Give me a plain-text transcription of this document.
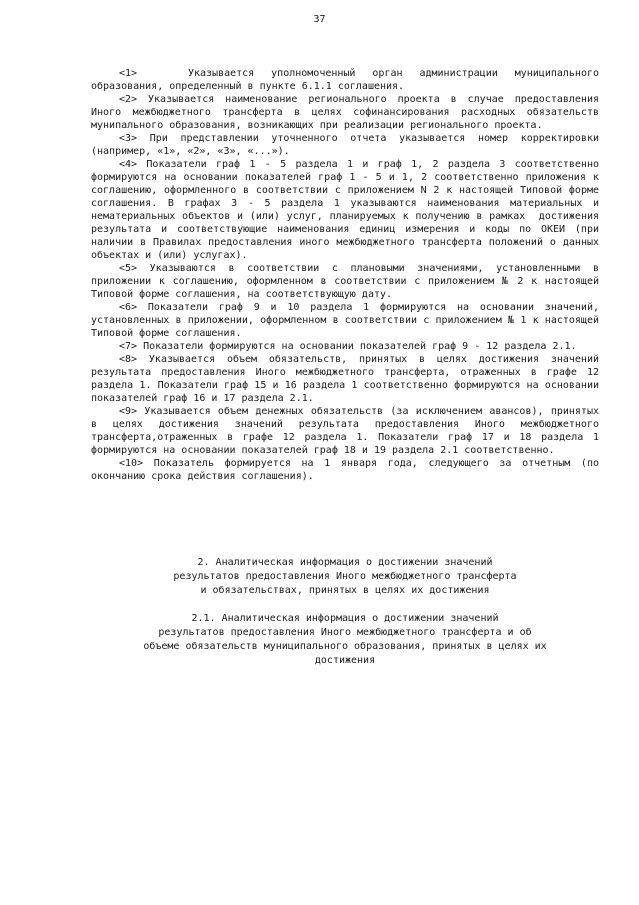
37

<1>   Указывается уполномоченный орган администрации муниципального образования, определенный в пункте 6.1.1 соглашения.

<2> Указывается наименование регионального проекта в случае предоставления Иного межбюджетного трансферта в целях софинансирования расходных обязательств мунипального образования, возникающих при реализации регионального проекта.

<3> При представлении уточненного отчета указывается номер корректировки (например, «1», «2», «3», «...»).

<4> Показатели граф 1 - 5 раздела 1 и граф 1, 2 раздела 3 соответственно формируются на основании показателей граф 1 - 5 и 1, 2 соответственно приложения к соглашению, оформленного в соответствии с приложением N 2 к настоящей Типовой форме соглашения. В графах 3 - 5 раздела 1 указываются наименования материальных и нематериальных объектов и (или) услуг, планируемых к получению в рамках  достижения результата и соответствующие наименования единиц измерения и коды по ОКЕИ (при наличии в Правилах предоставления иного межбюджетного трансферта положений о данных объектах и (или) услугах).

<5> Указываются в соответствии с плановыми значениями, установленными в приложении к соглашению, оформленном в соответствии с приложением № 2 к настоящей Типовой форме соглашения, на соответствующую дату.

<6> Показатели граф 9 и 10 раздела 1 формируются на основании значений, установленных в приложении, оформленном в соответствии с приложением № 1 к настоящей Типовой форме соглашения.

<7> Показатели формируются на основании показателей граф 9 - 12 раздела 2.1.

<8> Указывается объем обязательств, принятых в целях достижения значений результата предоставления Иного межбюджетного трансферта, отраженных в графе 12 раздела 1. Показатели граф 15 и 16 раздела 1 соответственно формируются на основании показателей граф 16 и 17 раздела 2.1.

<9> Указывается объем денежных обязательств (за исключением авансов), принятых в целях достижения значений результата предоставления Иного межбюджетного трансферта,отраженных в графе 12 раздела 1. Показатели граф 17 и 18 раздела 1 формируются на основании показателей граф 18 и 19 раздела 2.1 соответственно.

<10> Показатель формируется на 1 января года, следующего за отчетным (по окончанию срока действия соглашения).

2. Аналитическая информация о достижении значений
результатов предоставления Иного межбюджетного трансферта
и обязательствах, принятых в целях их достижения

2.1. Аналитическая информация о достижении значений
результатов предоставления Иного межбюджетного трансферта и об
объеме обязательств муниципального образования, принятых в целях их
достижения
